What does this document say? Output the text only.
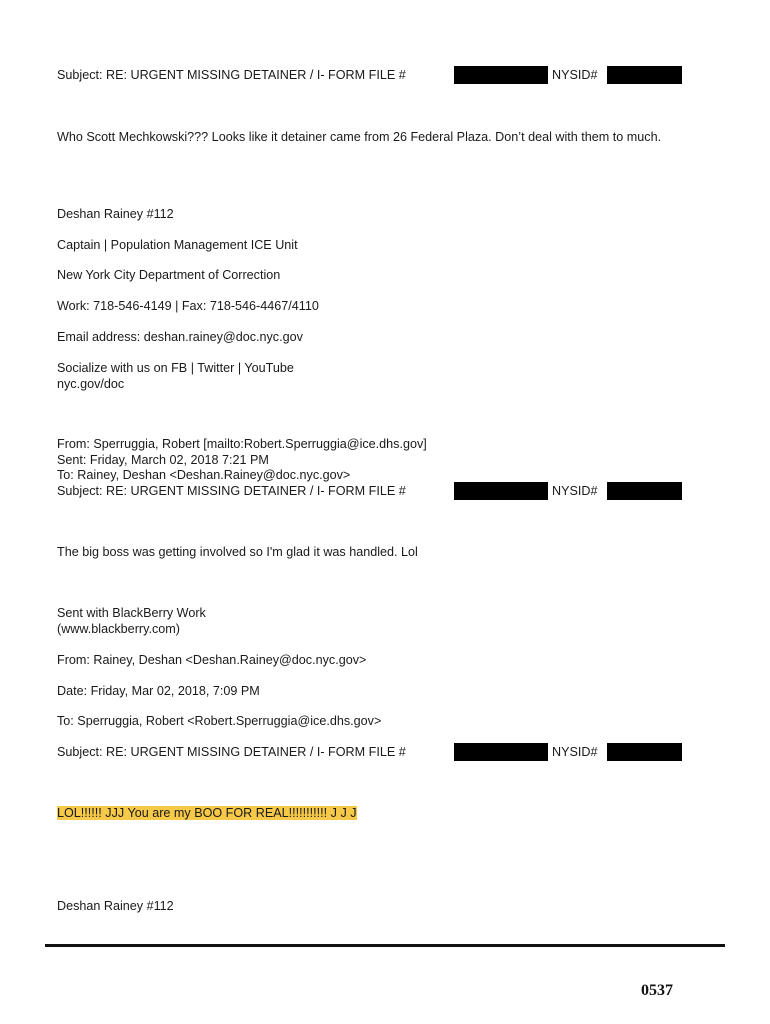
Subject: RE: URGENT MISSING DETAINER / I- FORM FILE #	NYSID#
Who Scott Mechkowski??? Looks like it detainer came from 26 Federal Plaza. Don’t deal with them to much.
Deshan Rainey #112
Captain | Population Management ICE Unit
New York City Department of Correction
Work: 718-546-4149 | Fax: 718-546-4467/4110
Email address: deshan.rainey@doc.nyc.gov
Socialize with us on FB | Twitter | YouTube
nyc.gov/doc
From: Sperruggia, Robert [mailto:Robert.Sperruggia@ice.dhs.gov]
Sent: Friday, March 02, 2018 7:21 PM
To: Rainey, Deshan <Deshan.Rainey@doc.nyc.gov>
Subject: RE: URGENT MISSING DETAINER / I- FORM FILE #	NYSID#
The big boss was getting involved so I'm glad it was handled. Lol
Sent with BlackBerry Work
(www.blackberry.com)
From: Rainey, Deshan <Deshan.Rainey@doc.nyc.gov>
Date: Friday, Mar 02, 2018, 7:09 PM
To: Sperruggia, Robert <Robert.Sperruggia@ice.dhs.gov>
Subject: RE: URGENT MISSING DETAINER / I- FORM FILE #	NYSID#
LOL!!!!!! JJJ You are my BOO FOR REAL!!!!!!!!!!! J J J
Deshan Rainey #112
0537
